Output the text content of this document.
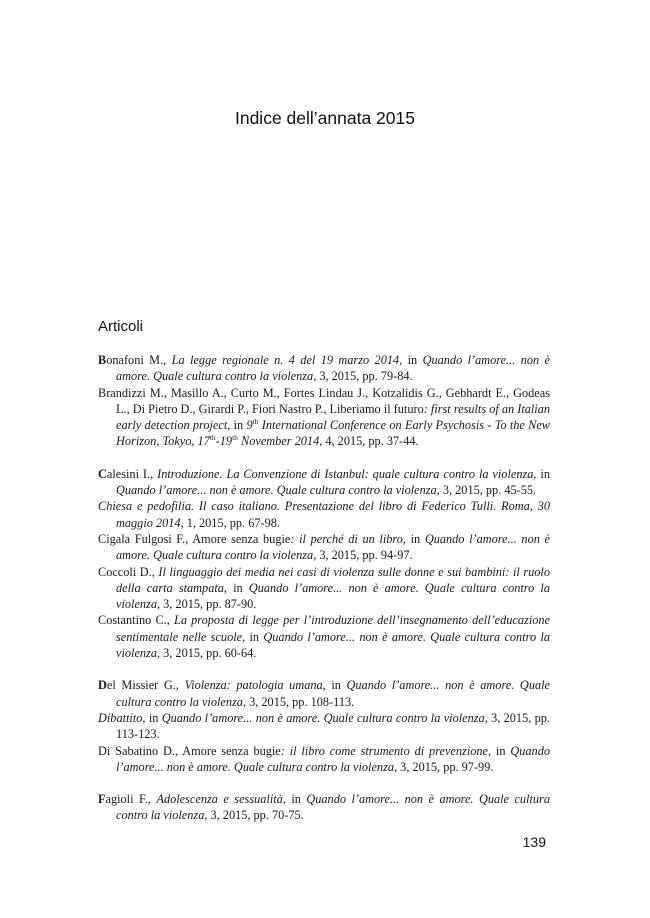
Indice dell’annata 2015
Articoli

Bonafoni M., La legge regionale n. 4 del 19 marzo 2014, in Quando l’amore... non è amore. Quale cultura contro la violenza, 3, 2015, pp. 79-84.

Brandizzi M., Masillo A., Curto M., Fortes Lindau J., Kotzalidis G., Gebhardt E., Godeas L., Di Pietro D., Girardi P., Fiori Nastro P., Liberiamo il futuro: first results of an Italian early detection project, in 9th International Conference on Early Psychosis - To the New Horizon, Tokyo, 17th-19th November 2014, 4, 2015, pp. 37-44.

Calesini I., Introduzione. La Convenzione di Istanbul: quale cultura contro la violenza, in Quando l’amore... non è amore. Quale cultura contro la violenza, 3, 2015, pp. 45-55.

Chiesa e pedofilia. Il caso italiano. Presentazione del libro di Federico Tulli. Roma, 30 maggio 2014, 1, 2015, pp. 67-98.

Cigala Fulgosi F., Amore senza bugie: il perché di un libro, in Quando l’amore... non è amore. Quale cultura contro la violenza, 3, 2015, pp. 94-97.

Coccoli D., Il linguaggio dei media nei casi di violenza sulle donne e sui bambini: il ruolo della carta stampata, in Quando l’amore... non è amore. Quale cultura contro la violenza, 3, 2015, pp. 87-90.

Costantino C., La proposta di legge per l’introduzione dell’insegnamento dell’educazione sentimentale nelle scuole, in Quando l’amore... non è amore. Quale cultura contro la violenza, 3, 2015, pp. 60-64.

Del Missier G., Violenza: patologia umana, in Quando l’amore... non è amore. Quale cultura contro la violenza, 3, 2015, pp. 108-113.

Dibattito, in Quando l’amore... non è amore. Quale cultura contro la violenza, 3, 2015, pp. 113-123.

Di Sabatino D., Amore senza bugie: il libro come strumento di prevenzione, in Quando l’amore... non è amore. Quale cultura contro la violenza, 3, 2015, pp. 97-99.

Fagioli F., Adolescenza e sessualità, in Quando l’amore... non è amore. Quale cultura contro la violenza, 3, 2015, pp. 70-75.

139
